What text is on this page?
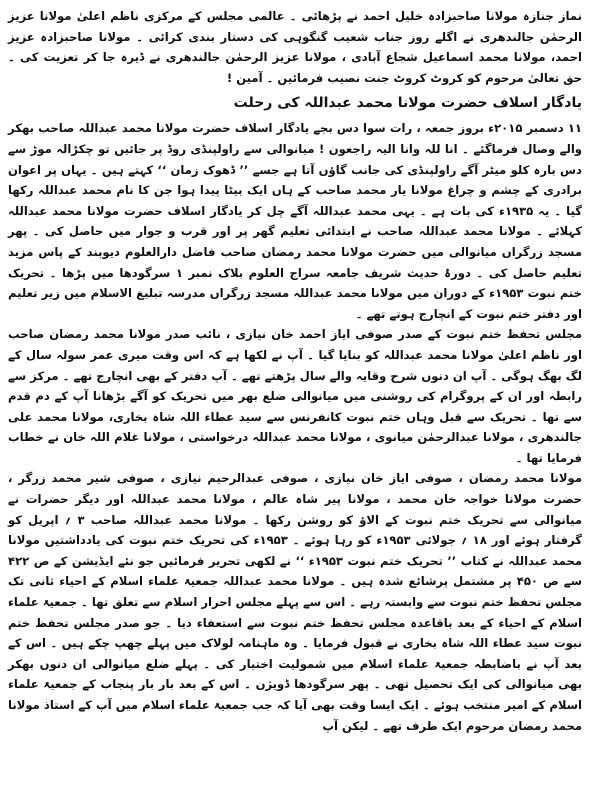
نماز جنازہ مولانا صاحبزادہ خلیل احمد نے پڑھائی ۔ عالمی مجلس کے مرکزی ناظم اعلیٰ مولانا عزیز الرحمٰن جالندھری نے اگلے روز جناب شعیب گنگوہی کی دستار بندی کرائی ۔ مولانا صاحبزادہ عزیز احمد، مولانا محمد اسماعیل شجاع آبادی ، مولانا عزیز الرحمٰن جالندھری نے ڈیرہ جا کر تعزیت کی ۔ حق تعالیٰ مرحوم کو کروٹ کروٹ جنت نصیب فرمائیں ۔ آمین !

یادگار اسلاف حضرت مولانا محمد عبداللہ کی رحلت

۱۱ دسمبر ۲۰۱۵ء بروز جمعہ ، رات سوا دس بجے یادگار اسلاف حضرت مولانا محمد عبداللہ صاحب بھکر والے وصال فرماگئے ۔ انا للہ وانا الیہ راجعون ! میانوالی سے راولپنڈی روڈ پر جائیں تو چکڑالہ موڑ سے دس بارہ کلو میٹر آگے راولپنڈی کی جانب گاؤں آتا ہے جسے ’’ ڈھوک زمان ‘‘ کہتے ہیں ۔ یہاں پر اعوان برادری کے چشم و چراغ مولانا یار محمد صاحب کے ہاں ایک بیٹا پیدا ہوا جن کا نام محمد عبداللہ رکھا گیا ۔ یہ ۱۹۳۵ء کی بات ہے ۔ یہی محمد عبداللہ آگے چل کر یادگار اسلاف حضرت مولانا محمد عبداللہ کہلائے ۔ مولانا محمد عبداللہ صاحب نے ابتدائی تعلیم گھر پر اور قرب و جوار میں حاصل کی ۔ پھر مسجد زرگراں میانوالی میں حضرت مولانا محمد رمضان صاحب فاضل دارالعلوم دیوبند کے پاس مزید تعلیم حاصل کی ۔ دورۂ حدیث شریف جامعہ سراج العلوم بلاک نمبر ۱ سرگودھا میں پڑھا ۔ تحریک ختم نبوت ۱۹۵۳ء کے دوران میں مولانا محمد عبداللہ مسجد زرگراں مدرسہ تبلیغ الاسلام میں زیر تعلیم اور دفتر ختم نبوت کے انچارج ہوتے تھے ۔

مجلس تحفظ ختم نبوت کے صدر صوفی ایاز احمد خان نیازی ، نائب صدر مولانا محمد رمضان صاحب اور ناظم اعلیٰ مولانا محمد عبداللہ کو بنایا گیا ۔ آپ نے لکھا ہے کہ اس وقت میری عمر سولہ سال کے لگ بھگ ہوگی ۔ آپ ان دنوں شرح وقایہ والے سال پڑھتے تھے ۔ آپ دفتر کے بھی انچارج تھے ۔ مرکز سے رابطہ اور ان کے پروگرام کی روشنی میں میانوالی ضلع بھر میں تحریک کو آگے بڑھانا آپ کے دم قدم سے تھا ۔ تحریک سے قبل وہاں ختم نبوت کانفرنس سے سید عطاء اللہ شاہ بخاری، مولانا محمد علی جالندھری ، مولانا عبدالرحمٰن میانوی ، مولانا محمد عبداللہ درخواستی ، مولانا غلام اللہ خان نے خطاب فرمایا تھا ۔

مولانا محمد رمضان ، صوفی ایاز خان نیازی ، صوفی عبدالرحیم نیازی ، صوفی شیر محمد زرگر ، حضرت مولانا خواجہ خان محمد ، مولانا پیر شاہ عالم ، مولانا محمد عبداللہ اور دیگر حضرات نے میانوالی سے تحریک ختم نبوت کے الاؤ کو روشن رکھا ۔ مولانا محمد عبداللہ صاحب ۳ ؍ اپریل کو گرفتار ہوئے اور ۱۸ ؍ جولائی ۱۹۵۳ء کو رہا ہوئے ۔ ۱۹۵۳ء کی تحریک ختم نبوت کی یادداشتیں مولانا محمد عبداللہ نے کتاب ’’ تحریک ختم نبوت ۱۹۵۳ء ‘‘ نے لکھی تحریر فرمائیں جو نئے ایڈیشن کے ص ۴۲۲ سے ص ۴۵۰ پر مشتمل پرشائع شدہ ہیں ۔ مولانا محمد عبداللہ جمعیۃ علماء اسلام کے احیاء ثانی تک مجلس تحفظ ختم نبوت سے وابستہ رہے ۔ اس سے پہلے مجلس احرار اسلام سے تعلق تھا ۔ جمعیۃ علماء اسلام کے احیاء کے بعد باقاعدہ مجلس تحفظ ختم نبوت سے استعفاء دیا ۔ جو صدر مجلس تحفظ ختم نبوت سید عطاء اللہ شاہ بخاری نے قبول فرمایا ۔ وہ ماہنامہ لولاک میں پہلے چھپ چکے ہیں ۔ اس کے بعد آپ نے باضابطہ جمعیۃ علماء اسلام میں شمولیت اختیار کی ۔ پہلے ضلع میانوالی ان دنوں بھکر بھی میانوالی کی ایک تحصیل تھی ۔ پھر سرگودھا ڈویژن ۔ اس کے بعد بار بار پنجاب کے جمعیۃ علماء اسلام کے امیر منتخب ہوئے ۔ ایک ایسا وقت بھی آیا کہ جب جمعیۃ علماء اسلام میں آپ کے استاذ مولانا محمد رمضان مرحوم ایک طرف تھے ۔ لیکن آپ
